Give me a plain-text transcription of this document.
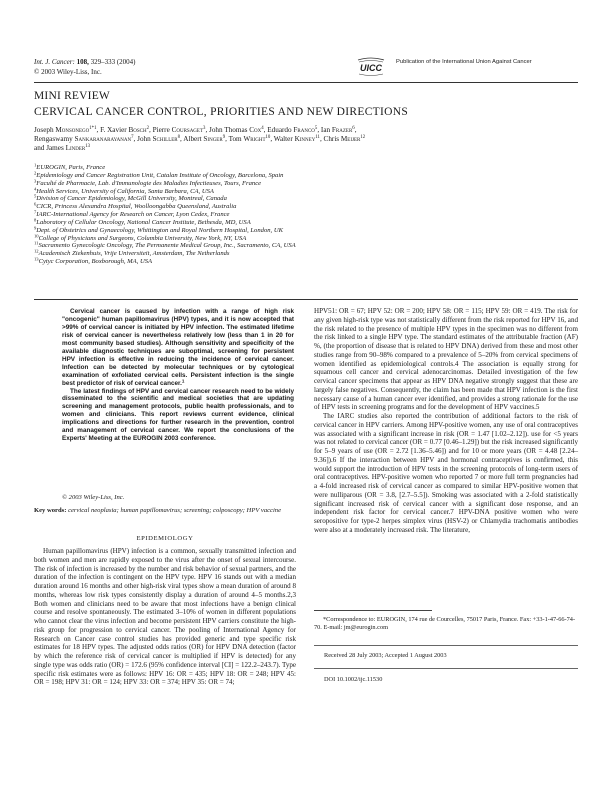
Int. J. Cancer: 108, 329–333 (2004)
© 2003 Wiley-Liss, Inc.	UICC
Publication of the International Union Against Cancer
MINI REVIEW
CERVICAL CANCER CONTROL, PRIORITIES AND NEW DIRECTIONS
Joseph Monsonego$^{1*1}$, F. Xavier Bosch$^2$, Pierre Coursaget$^3$, John Thomas Cox$^4$, Eduardo Franco$^5$, Ian Frazer$^6$,
Rengaswamy Sankaranarayanan$^7$, John Schiller$^8$, Albert Singer$^9$, Tom Wright$^{10}$, Walter Kinney$^{11}$, Chris Meijer$^{12}$
and James Linder$^{13}$
$^1$EUROGIN, Paris, France
$^2$Epidemiology and Cancer Registration Unit, Catalan Institute of Oncology, Barcelona, Spain
$^3$Faculté de Pharmacie, Lab. d'Immunologie des Maladies Infectieuses, Tours, France
$^4$Health Services, University of California, Santa Barbara, CA, USA
$^5$Division of Cancer Epidemiology, McGill University, Montreal, Canada
$^6$CICR, Princess Alexandra Hospital, Woolloongabba Queensland, Australia
$^7$IARC-International Agency for Research on Cancer, Lyon Cedex, France
$^8$Laboratory of Cellular Oncology, National Cancer Institute, Bethesda, MD, USA
$^9$Dept. of Obstetrics and Gynaecology, Whittington and Royal Northern Hospital, London, UK
$^{10}$College of Physicians and Surgeons, Columbia University, New York, NY, USA
$^{11}$Sacramento Gynecologic Oncology, The Permanente Medical Group, Inc., Sacramento, CA, USA
$^{12}$Academisch Ziekenhuis, Vrije Universiteit, Amsterdam, The Netherlands
$^{13}$Cytyc Corporation, Boxborough, MA, USA

Cervical cancer is caused by infection with a range of high risk "oncogenic" human papillomavirus (HPV) types, and it is now accepted that >99% of cervical cancer is initiated by HPV infection. The estimated lifetime risk of cervical cancer is nevertheless relatively low (less than 1 in 20 for most community based studies). Although sensitivity and specificity of the available diagnostic techniques are suboptimal, screening for persistent HPV infection is effective in reducing the incidence of cervical cancer. Infection can be detected by molecular techniques or by cytological examination of exfoliated cervical cells. Persistent infection is the single best predictor of risk of cervical cancer.$^1$

The latest findings of HPV and cervical cancer research need to be widely disseminated to the scientific and medical societies that are updating screening and management protocols, public health professionals, and to women and clinicians. This report reviews current evidence, clinical implications and directions for further research in the prevention, control and management of cervical cancer. We report the conclusions of the Experts' Meeting at the EUROGIN 2003 conference.

© 2003 Wiley-Liss, Inc.
Key words: cervical neoplasia; human papillomavirus; screening; colposcopy; HPV vaccine
EPIDEMIOLOGY

Human papillomavirus (HPV) infection is a common, sexually transmitted infection and both women and men are rapidly exposed to the virus after the onset of sexual intercourse. The risk of infection is increased by the number and risk behavior of sexual partners, and the duration of the infection is contingent on the HPV type. HPV 16 stands out with a median duration around 16 months and other high-risk viral types show a mean duration of around 8 months, whereas low risk types consistently display a duration of around 4–5 months.2,3 Both women and clinicians need to be aware that most infections have a benign clinical course and resolve spontaneously. The estimated 3–10% of women in different populations who cannot clear the virus infection and become persistent HPV carriers constitute the high-risk group for progression to cervical cancer. The pooling of International Agency for Research on Cancer case control studies has provided generic and type specific risk estimates for 18 HPV types. The adjusted odds ratios (OR) for HPV DNA detection (factor by which the reference risk of cervical cancer is multiplied if HPV is detected) for any single type was odds ratio (OR) = 172.6 (95% confidence interval [CI] = 122.2–243.7). Type specific risk estimates were as follows: HPV 16: OR = 435; HPV 18: OR = 248; HPV 45: OR = 198; HPV 31: OR = 124; HPV 33: OR = 374; HPV 35: OR = 74;

HPV51: OR = 67; HPV 52: OR = 200; HPV 58: OR = 115; HPV 59: OR = 419. The risk for any given high-risk type was not statistically different from the risk reported for HPV 16, and the risk related to the presence of multiple HPV types in the specimen was no different from the risk linked to a single HPV type. The standard estimates of the attributable fraction (AF) %, (the proportion of disease that is related to HPV DNA) derived from these and most other studies range from 90–98% compared to a prevalence of 5–20% from cervical specimens of women identified as epidemiological controls.4 The association is equally strong for squamous cell cancer and cervical adenocarcinomas. Detailed investigation of the few cervical cancer specimens that appear as HPV DNA negative strongly suggest that these are largely false negatives. Consequently, the claim has been made that HPV infection is the first necessary cause of a human cancer ever identified, and provides a strong rationale for the use of HPV tests in screening programs and for the development of HPV vaccines.5

The IARC studies also reported the contribution of additional factors to the risk of cervical cancer in HPV carriers. Among HPV-positive women, any use of oral contraceptives was associated with a significant increase in risk (OR = 1.47 [1.02–2.12]). use for <5 years was not related to cervical cancer (OR = 0.77 [0.46–1.29]) but the risk increased significantly for 5–9 years of use (OR = 2.72 [1.36–5.46]) and for 10 or more years (OR = 4.48 [2.24–9.36]).6 If the interaction between HPV and hormonal contraceptives is confirmed, this would support the introduction of HPV tests in the screening protocols of long-term users of oral contraceptives. HPV-positive women who reported 7 or more full term pregnancies had a 4-fold increased risk of cervical cancer as compared to similar HPV-positive women that were nulliparous (OR = 3.8, [2.7–5.5]). Smoking was associated with a 2-fold statistically significant increased risk of cervical cancer with a significant dose response, and an independent risk factor for cervical cancer.7 HPV-DNA positive women who were seropositive for type-2 herpes simplex virus (HSV-2) or Chlamydia trachomatis antibodies were also at a moderately increased risk. The literature,

*Correspondence to: EUROGIN, 174 rue de Courcelles, 75017 Paris, France. Fax: +33-1-47-66-74-70. E-mail: jm@eurogin.com

Received 28 July 2003; Accepted 1 August 2003
DOI 10.1002/ijc.11530
